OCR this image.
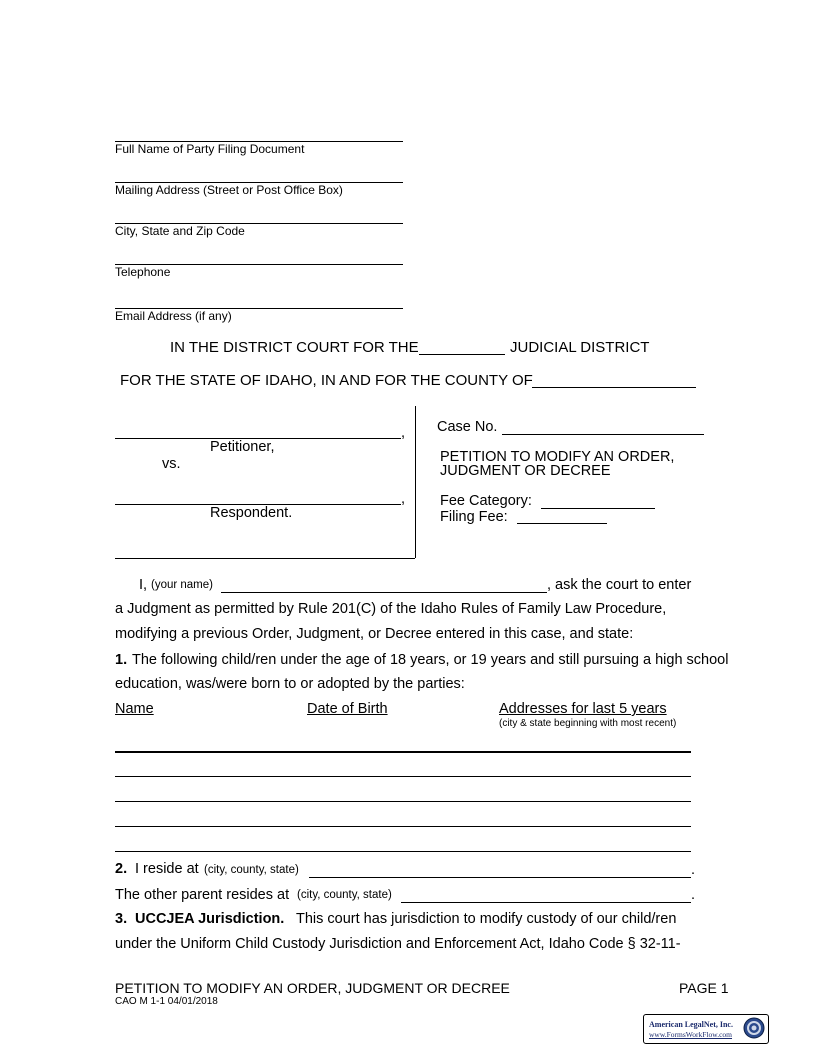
Full Name of Party Filing Document
Mailing Address (Street or Post Office Box)
City, State and Zip Code
Telephone
Email Address (if any)
IN THE DISTRICT COURT FOR THE	JUDICIAL DISTRICT
FOR THE STATE OF IDAHO, IN AND FOR THE COUNTY OF
,
Petitioner,
vs.
,
Respondent.
Case No.
PETITION TO MODIFY AN ORDER,
JUDGMENT OR DECREE
Fee Category:
Filing Fee:
I, (your name)	, ask the court to enter
a Judgment as permitted by Rule 201(C) of the Idaho Rules of Family Law Procedure,
modifying a previous Order, Judgment, or Decree entered in this case, and state:
1. The following child/ren under the age of 18 years, or 19 years and still pursuing a high school
education, was/were born to or adopted by the parties:
Name	Date of Birth	Addresses for last 5 years
(city & state beginning with most recent)
2. I reside at (city, county, state)	.
The other parent resides at (city, county, state)	.
3. UCCJEA Jurisdiction. This court has jurisdiction to modify custody of our child/ren
under the Uniform Child Custody Jurisdiction and Enforcement Act, Idaho Code § 32-11-
PETITION TO MODIFY AN ORDER, JUDGMENT OR DECREE
CAO M 1-1 04/01/2018
PAGE 1
American LegalNet, Inc.
www.FormsWorkFlow.com
